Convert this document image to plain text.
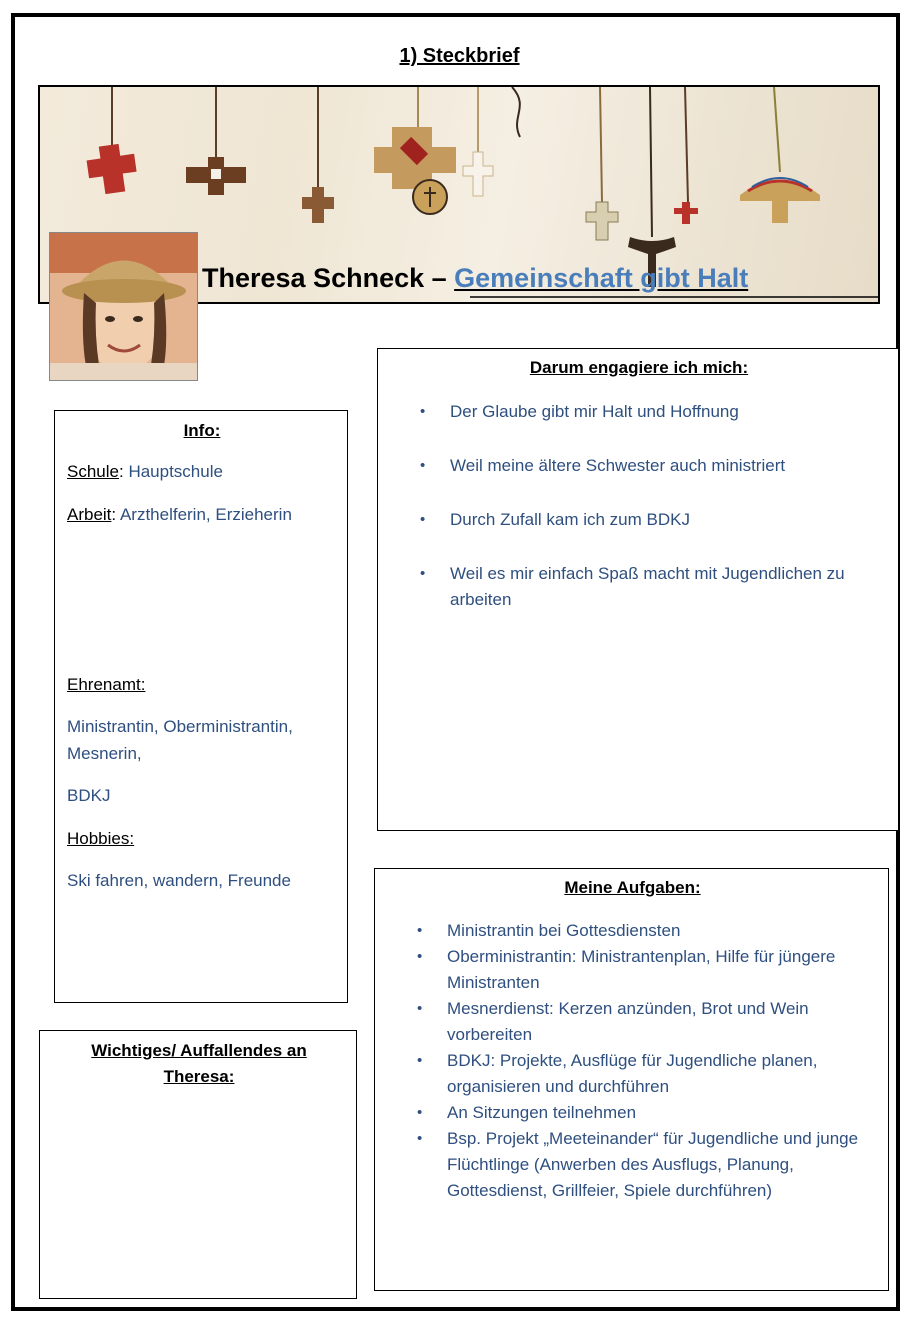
1) Steckbrief
Theresa Schneck – Gemeinschaft gibt Halt
Info:
Schule: Hauptschule
Arbeit: Arzthelferin, Erzieherin
Ehrenamt:
Ministrantin, Oberministrantin,
Mesnerin,
BDKJ
Hobbies:
Ski fahren, wandern, Freunde
Darum engagiere ich mich:
• Der Glaube gibt mir Halt und Hoffnung
• Weil meine ältere Schwester auch ministriert
• Durch Zufall kam ich zum BDKJ
• Weil es mir einfach Spaß macht mit Jugendlichen zu arbeiten
Meine Aufgaben:
• Ministrantin bei Gottesdiensten
• Oberministrantin: Ministrantenplan, Hilfe für jüngere Ministranten
• Mesnerdienst: Kerzen anzünden, Brot und Wein vorbereiten
• BDKJ: Projekte, Ausflüge für Jugendliche planen, organisieren und durchführen
• An Sitzungen teilnehmen
• Bsp. Projekt „Meeteinander“ für Jugendliche und junge Flüchtlinge (Anwerben des Ausflugs, Planung, Gottesdienst, Grillfeier, Spiele durchführen)
Wichtiges/ Auffallendes an
Theresa:
